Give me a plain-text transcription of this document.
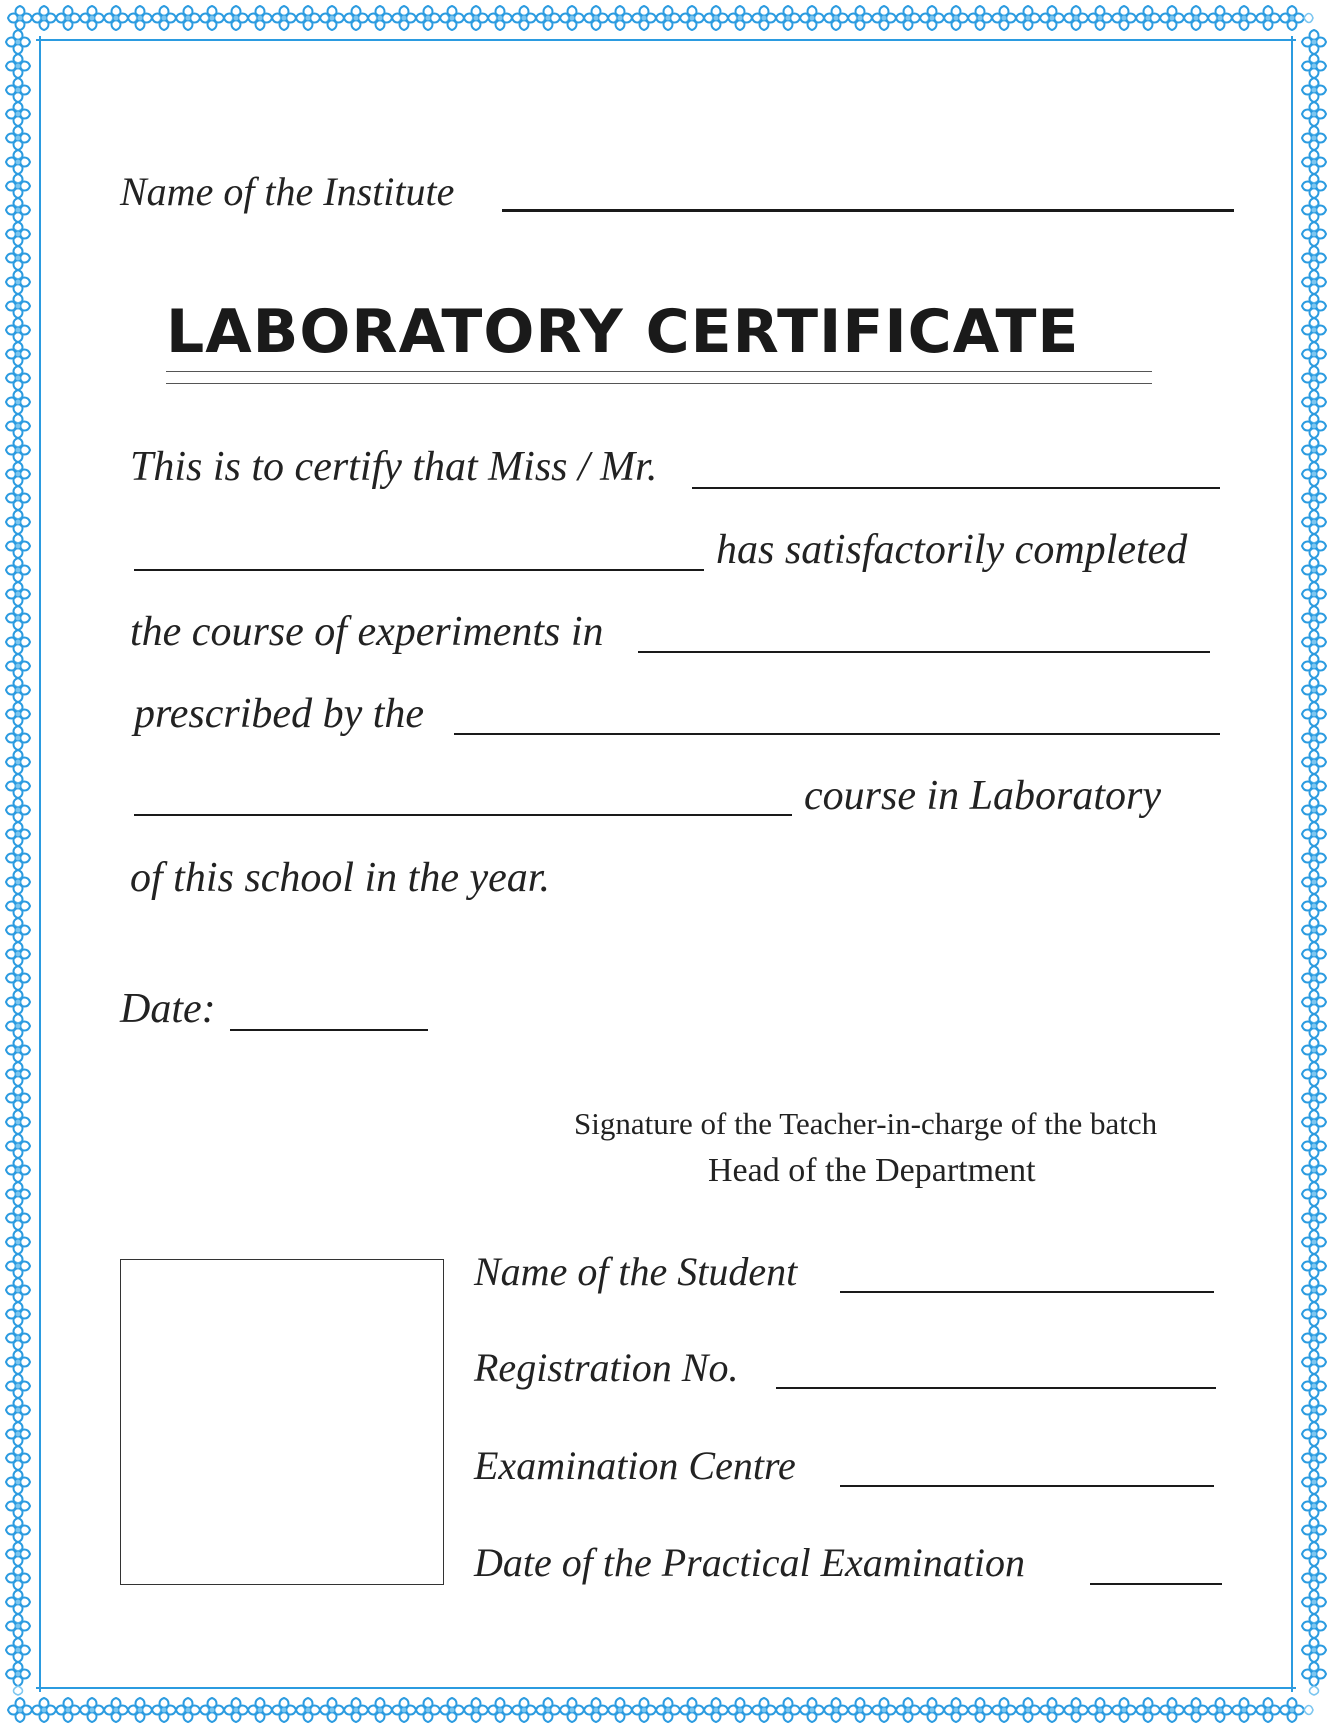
Name of the Institute
LABORATORY CERTIFICATE
This is to certify that Miss / Mr.
has satisfactorily completed
the course of experiments in
prescribed by the
course in Laboratory
of this school in the year.
Date:
Signature of the Teacher-in-charge of the batch
Head of the Department
Name of the Student
Registration No.
Examination Centre
Date of the Practical Examination
